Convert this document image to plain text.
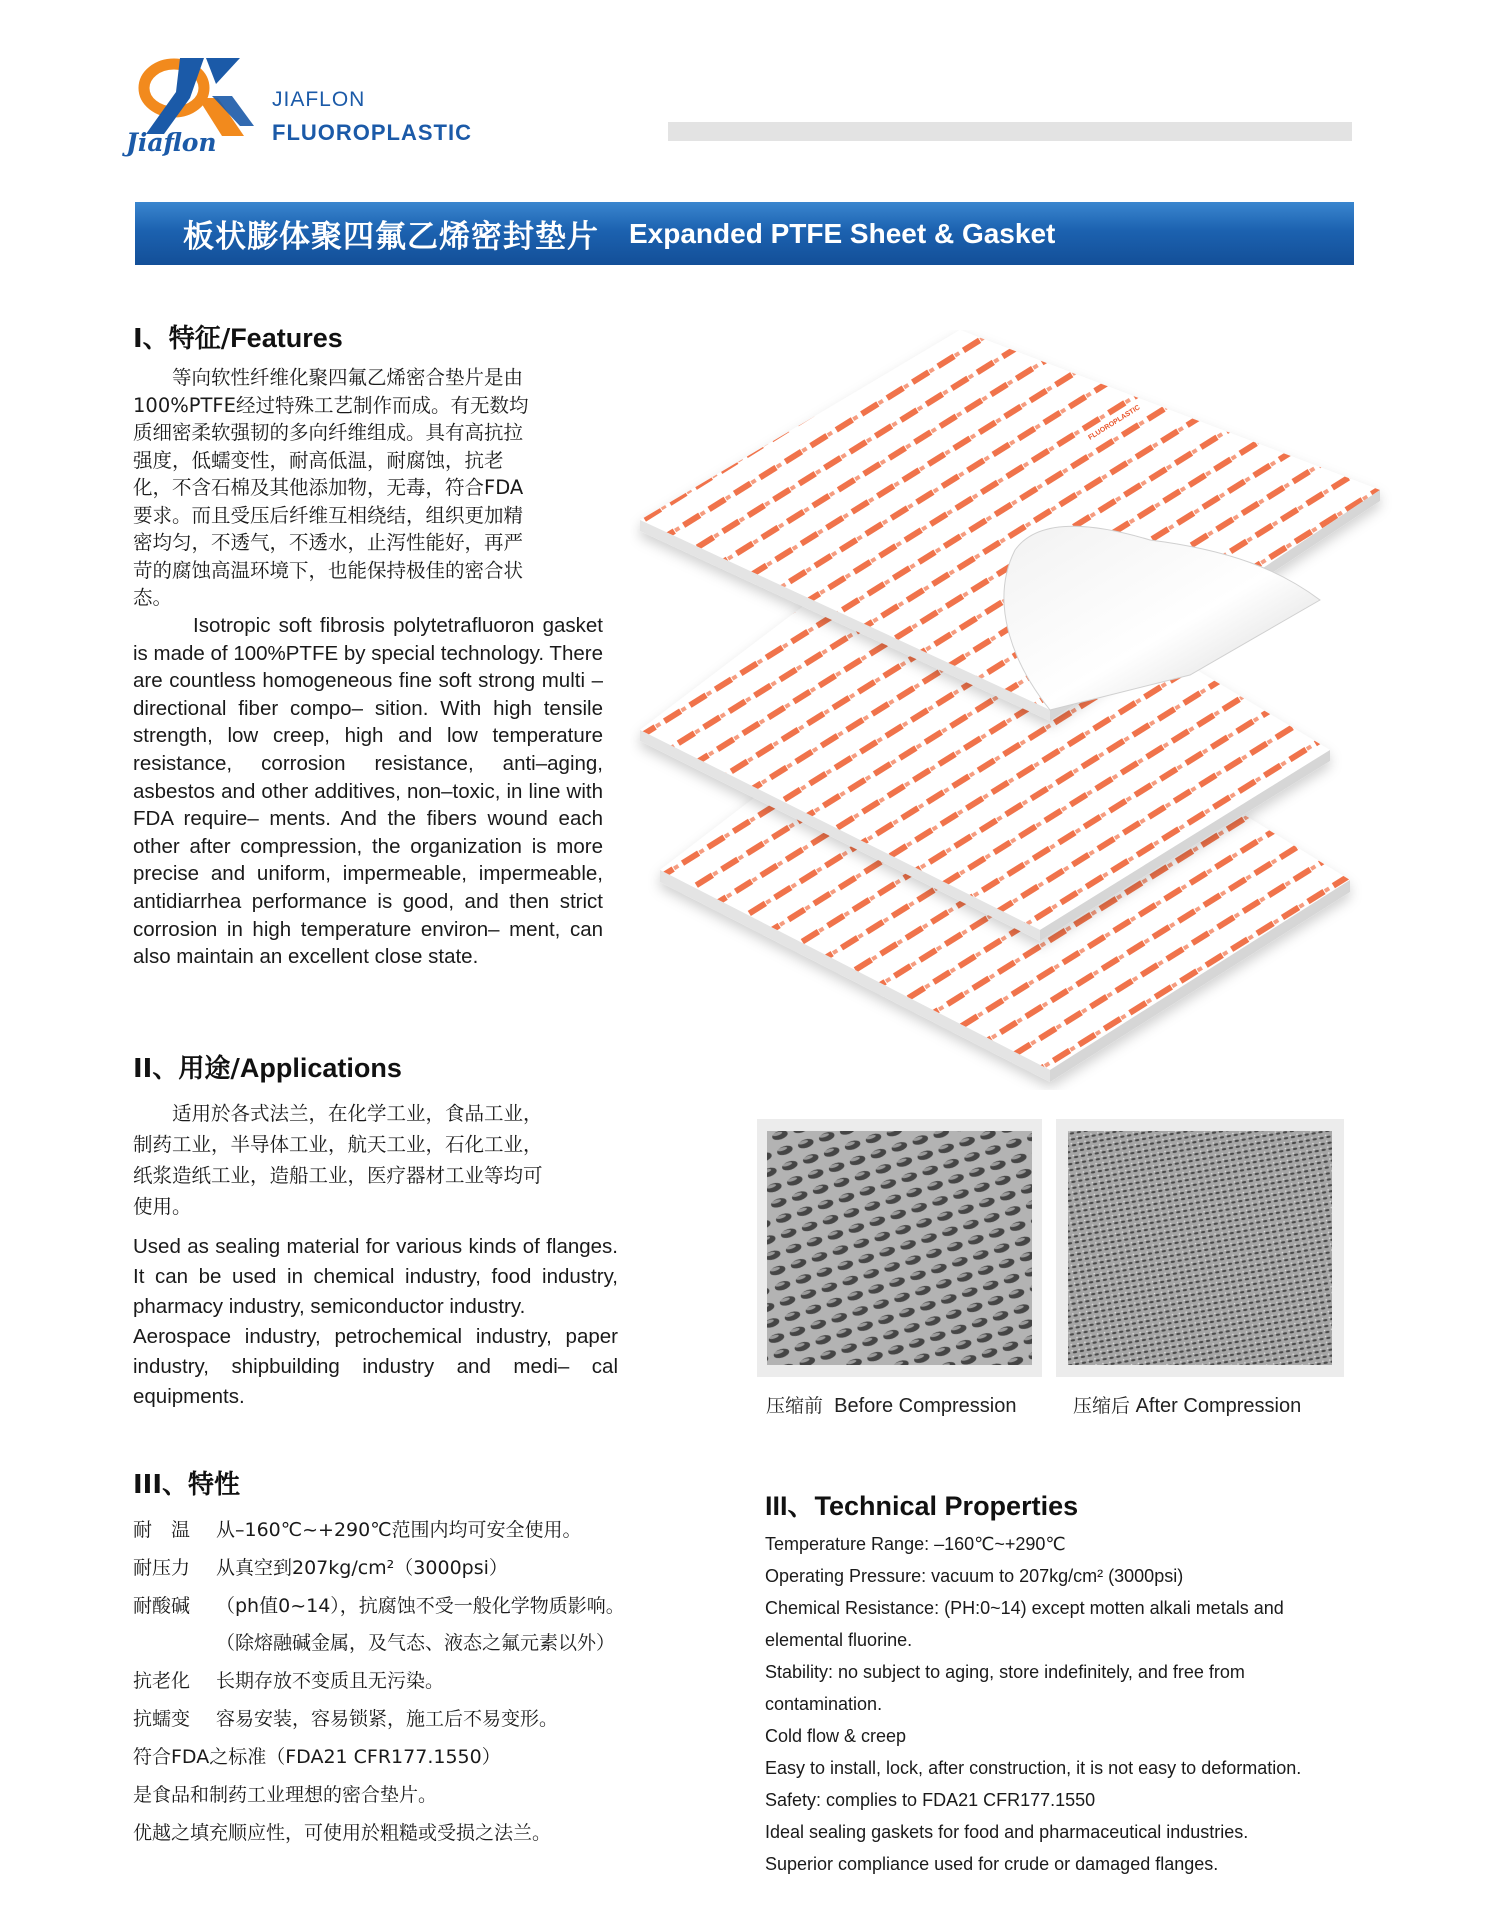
Jiaflon
JIAFLON
FLUOROPLASTIC
板状膨体聚四氟乙烯密封垫片 Expanded PTFE Sheet & Gasket
I、特征/Features
　　等向软性纤维化聚四氟乙烯密合垫片是由
100%PTFE经过特殊工艺制作而成。有无数均
质细密柔软强韧的多向纤维组成。具有高抗拉
强度，低蠕变性，耐高低温，耐腐蚀，抗老
化，不含石棉及其他添加物，无毒，符合FDA
要求。而且受压后纤维互相绕结，组织更加精
密均匀，不透气，不透水，止泻性能好，再严
苛的腐蚀高温环境下，也能保持极佳的密合状
态。
Isotropic soft fibrosis polytetrafluoron gasket is made of 100%PTFE by special technology. There are countless homogeneous fine soft strong multi – directional fiber compo– sition. With high tensile strength, low creep, high and low temperature resistance, corrosion resistance, anti–aging, asbestos and other additives, non–toxic, in line with FDA require– ments. And the fibers wound each other after compression, the organization is more precise and uniform, impermeable, impermeable, antidiarrhea performance is good, and then strict corrosion in high temperature environ– ment, can also maintain an excellent close state.
FLUOROPLASTIC
II、用途/Applications
　　适用於各式法兰，在化学工业，食品工业，
制药工业，半导体工业，航天工业，石化工业，
纸浆造纸工业，造船工业，医疗器材工业等均可
使用。

Used as sealing material for various kinds of flanges. It can be used in chemical industry, food industry, pharmacy industry, semiconductor industry.

Aerospace industry, petrochemical industry, paper industry, shipbuilding industry and medi– cal equipments.	压缩前 Before Compression	压缩后 After Compression
III、特性
耐　温 从–160℃~+290℃范围内均可安全使用。
耐压力 从真空到207kg/cm²（3000psi）
耐酸碱 （ph值0~14），抗腐蚀不受一般化学物质影响。
（除熔融碱金属，及气态、液态之氟元素以外）
抗老化 长期存放不变质且无污染。
抗蠕变 容易安装，容易锁紧，施工后不易变形。
符合FDA之标准（FDA21 CFR177.1550）
是食品和制药工业理想的密合垫片。
优越之填充顺应性，可使用於粗糙或受损之法兰。
III、Technical Properties
Temperature Range: –160℃~+290℃
Operating Pressure: vacuum to 207kg/cm² (3000psi)
Chemical Resistance: (PH:0~14) except motten alkali metals and
elemental fluorine.
Stability: no subject to aging, store indefinitely, and free from
contamination.
Cold flow & creep
Easy to install, lock, after construction, it is not easy to deformation.
Safety: complies to FDA21 CFR177.1550
Ideal sealing gaskets for food and pharmaceutical industries.
Superior compliance used for crude or damaged flanges.
